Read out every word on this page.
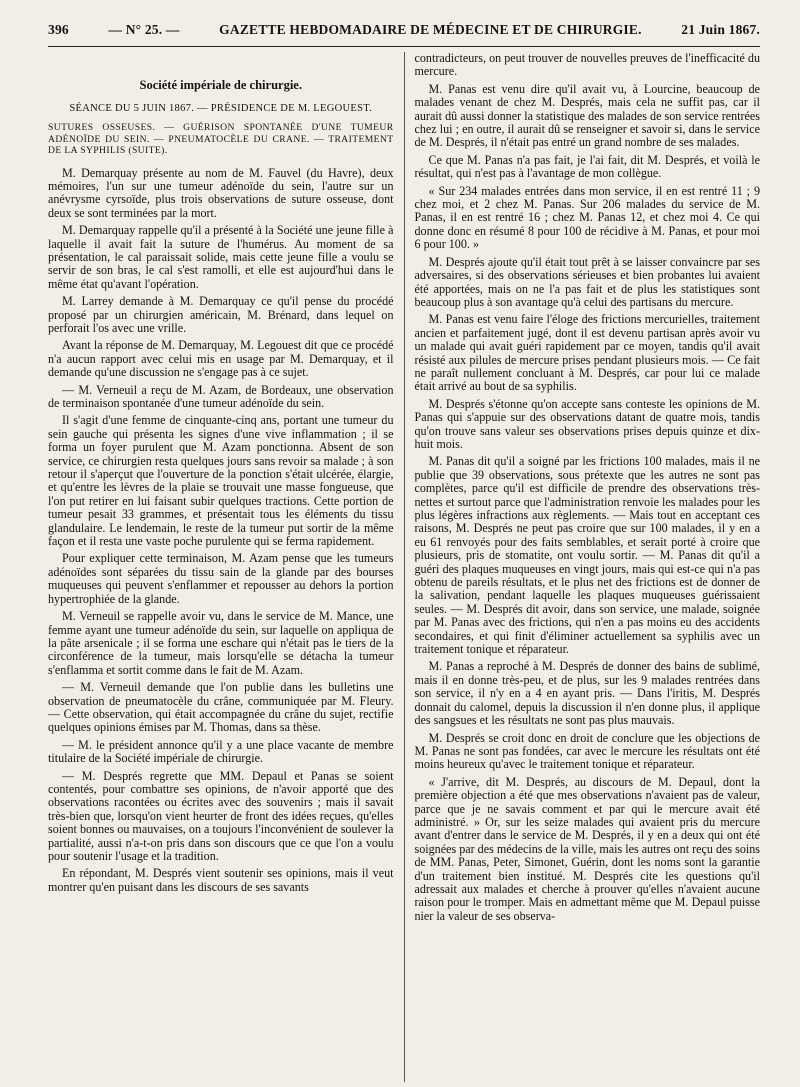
396	— N° 25. —	GAZETTE HEBDOMADAIRE DE MÉDECINE ET DE CHIRURGIE.	21 Juin 1867.
Société impériale de chirurgie.
SÉANCE DU 5 JUIN 1867. — PRÉSIDENCE DE M. LEGOUEST.
SUTURES OSSEUSES. — GUÉRISON SPONTANÉE D'UNE TUMEUR ADÉNOÏDE DU SEIN. — PNEUMATOCÈLE DU CRANE. — TRAITEMENT DE LA SYPHILIS (SUITE).

M. Demarquay présente au nom de M. Fauvel (du Havre), deux mémoires, l'un sur une tumeur adénoïde du sein, l'autre sur un anévrysme cyrsoïde, plus trois observations de suture osseuse, dont deux se sont terminées par la mort.

M. Demarquay rappelle qu'il a présenté à la Société une jeune fille à laquelle il avait fait la suture de l'humérus. Au moment de sa présentation, le cal paraissait solide, mais cette jeune fille a voulu se servir de son bras, le cal s'est ramolli, et elle est aujourd'hui dans le même état qu'avant l'opération.

M. Larrey demande à M. Demarquay ce qu'il pense du procédé proposé par un chirurgien américain, M. Brénard, dans lequel on perforait l'os avec une vrille.

Avant la réponse de M. Demarquay, M. Legouest dit que ce procédé n'a aucun rapport avec celui mis en usage par M. Demarquay, et il demande qu'une discussion ne s'engage pas à ce sujet.

— M. Verneuil a reçu de M. Azam, de Bordeaux, une observation de terminaison spontanée d'une tumeur adénoïde du sein.

Il s'agit d'une femme de cinquante-cinq ans, portant une tumeur du sein gauche qui présenta les signes d'une vive inflammation ; il se forma un foyer purulent que M. Azam ponctionna. Absent de son service, ce chirurgien resta quelques jours sans revoir sa malade ; à son retour il s'aperçut que l'ouverture de la ponction s'était ulcérée, élargie, et qu'entre les lèvres de la plaie se trouvait une masse fongueuse, que l'on put retirer en lui faisant subir quelques tractions. Cette portion de tumeur pesait 33 grammes, et présentait tous les éléments du tissu glandulaire. Le lendemain, le reste de la tumeur put sortir de la même façon et il resta une vaste poche purulente qui se ferma rapidement.

Pour expliquer cette terminaison, M. Azam pense que les tumeurs adénoïdes sont séparées du tissu sain de la glande par des bourses muqueuses qui peuvent s'enflammer et repousser au dehors la portion hypertrophiée de la glande.

M. Verneuil se rappelle avoir vu, dans le service de M. Mance, une femme ayant une tumeur adénoïde du sein, sur laquelle on appliqua de la pâte arsenicale ; il se forma une eschare qui n'était pas le tiers de la circonférence de la tumeur, mais lorsqu'elle se détacha la tumeur s'enflamma et sortit comme dans le fait de M. Azam.

— M. Verneuil demande que l'on publie dans les bulletins une observation de pneumatocèle du crâne, communiquée par M. Fleury. — Cette observation, qui était accompagnée du crâne du sujet, rectifie quelques opinions émises par M. Thomas, dans sa thèse.

— M. le président annonce qu'il y a une place vacante de membre titulaire de la Société impériale de chirurgie.

— M. Després regrette que MM. Depaul et Panas se soient contentés, pour combattre ses opinions, de n'avoir apporté que des observations racontées ou écrites avec des souvenirs ; mais il savait très-bien que, lorsqu'on vient heurter de front des idées reçues, qu'elles soient bonnes ou mauvaises, on a toujours l'inconvénient de soulever la partialité, aussi n'a-t-on pris dans son discours que ce que l'on a voulu pour soutenir l'usage et la tradition.

En répondant, M. Després vient soutenir ses opinions, mais il veut montrer qu'en puisant dans les discours de ses savants

contradicteurs, on peut trouver de nouvelles preuves de l'inefficacité du mercure.

M. Panas est venu dire qu'il avait vu, à Lourcine, beaucoup de malades venant de chez M. Després, mais cela ne suffit pas, car il aurait dû aussi donner la statistique des malades de son service rentrées chez lui ; en outre, il aurait dû se renseigner et savoir si, dans le service de M. Després, il n'était pas entré un grand nombre de ses malades.

Ce que M. Panas n'a pas fait, je l'ai fait, dit M. Després, et voilà le résultat, qui n'est pas à l'avantage de mon collègue.

« Sur 234 malades entrées dans mon service, il en est rentré 11 ; 9 chez moi, et 2 chez M. Panas. Sur 206 malades du service de M. Panas, il en est rentré 16 ; chez M. Panas 12, et chez moi 4. Ce qui donne donc en résumé 8 pour 100 de récidive à M. Panas, et pour moi 6 pour 100. »

M. Després ajoute qu'il était tout prêt à se laisser convaincre par ses adversaires, si des observations sérieuses et bien probantes lui avaient été apportées, mais on ne l'a pas fait et de plus les statistiques sont beaucoup plus à son avantage qu'à celui des partisans du mercure.

M. Panas est venu faire l'éloge des frictions mercurielles, traitement ancien et parfaitement jugé, dont il est devenu partisan après avoir vu un malade qui avait guéri rapidement par ce moyen, tandis qu'il avait résisté aux pilules de mercure prises pendant plusieurs mois. — Ce fait ne paraît nullement concluant à M. Després, car pour lui ce malade était arrivé au bout de sa syphilis.

M. Després s'étonne qu'on accepte sans conteste les opinions de M. Panas qui s'appuie sur des observations datant de quatre mois, tandis qu'on trouve sans valeur ses observations prises depuis quinze et dix-huit mois.

M. Panas dit qu'il a soigné par les frictions 100 malades, mais il ne publie que 39 observations, sous prétexte que les autres ne sont pas complètes, parce qu'il est difficile de prendre des observations très-nettes et surtout parce que l'administration renvoie les malades pour les plus légères infractions aux règlements. — Mais tout en acceptant ces raisons, M. Després ne peut pas croire que sur 100 malades, il y en a eu 61 renvoyés pour des faits semblables, et serait porté à croire que plusieurs, pris de stomatite, ont voulu sortir. — M. Panas dit qu'il a guéri des plaques muqueuses en vingt jours, mais qui est-ce qui n'a pas obtenu de pareils résultats, et le plus net des frictions est de donner de la salivation, pendant laquelle les plaques muqueuses guérissaient seules. — M. Després dit avoir, dans son service, une malade, soignée par M. Panas avec des frictions, qui n'en a pas moins eu des accidents secondaires, et qui finit d'éliminer actuellement sa syphilis avec un traitement tonique et réparateur.

M. Panas a reproché à M. Després de donner des bains de sublimé, mais il en donne très-peu, et de plus, sur les 9 malades rentrées dans son service, il n'y en a 4 en ayant pris. — Dans l'iritis, M. Després donnait du calomel, depuis la discussion il n'en donne plus, il applique des sangsues et les résultats ne sont pas plus mauvais.

M. Després se croit donc en droit de conclure que les objections de M. Panas ne sont pas fondées, car avec le mercure les résultats ont été moins heureux qu'avec le traitement tonique et réparateur.

« J'arrive, dit M. Després, au discours de M. Depaul, dont la première objection a été que mes observations n'avaient pas de valeur, parce que je ne savais comment et par qui le mercure avait été administré. » Or, sur les seize malades qui avaient pris du mercure avant d'entrer dans le service de M. Després, il y en a deux qui ont été soignées par des médecins de la ville, mais les autres ont reçu des soins de MM. Panas, Peter, Simonet, Guérin, dont les noms sont la garantie d'un traitement bien institué. M. Després cite les questions qu'il adressait aux malades et cherche à prouver qu'elles n'avaient aucune raison pour le tromper. Mais en admettant même que M. Depaul puisse nier la valeur de ses observa-
